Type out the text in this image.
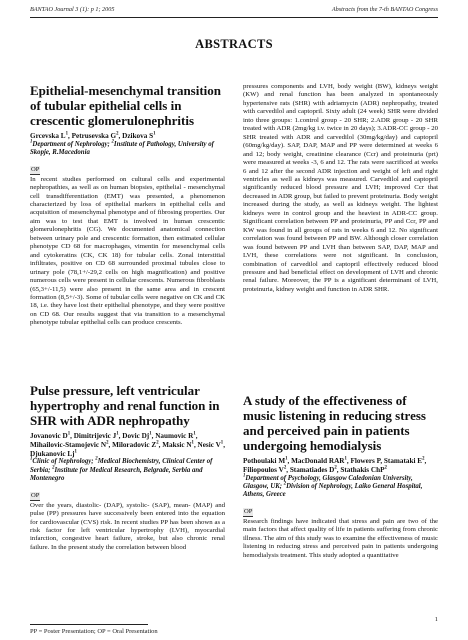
BANTAO Journal 3 (1): p 1; 2005	Abstracts from the 7-th BANTAO Congress
ABSTRACTS
Epithelial-mesenchymal transition of tubular epithelial cells in crescentic glomerulonephritis
Grcevska $L^1$, Petrusevska $G^2$, Dzikova $S^1$
$^1$Department of Nephrology; $^2$Institute of Pathology, University of Skopje, R.Macedonia
OP
In recent studies performed on cultural cells and experimental nephropathies, as well as on human biopsies, epithelial - mesenchymal cell transdifferentiation (EMT) was presented, a phenomenon characterized by loss of epithelial markers in epithelial cells and acquisition of mesenchymal phenotype and of fibrosing properties. Our aim was to test that EMT is involved in human crescentic glomerulonephritis (CG). We documented anatomical connection between urinary pole and crescentic formation, then estimated cellular phenotype CD 68 for macrophages, vimentin for mesenchymal cells and cytokeratins (CK, CK 18) for tubular cells. Zonal interstitial infiltrates, positive on CD 68 surrounded proximal tubules close to urinary pole (78,1+/-29,2 cells on high magnification) and positive numerous cells were present in cellular crescents. Numerous fibroblasts (65,3+/-11,5) were also present in the same area and in crescent formation (8,5+/-3). Some of tubular cells were negative on CK and CK 18, i.e. they have lost their epithelial phenotype, and they were positive on CD 68. Our results suggest that via transition to a mesenchymal phenotype tubular epithelial cells can produce crescents.
Pulse pressure, left ventricular hypertrophy and renal function in SHR with ADR nephropathy
Jovanovic $D^1$, Dimitrijevic $J^1$, Dovic Dj$^1$, Naumovic $R^1$, Mihailovic-Stamojevic $N^2$, Miloradovic $Z^2$, Maksic $N^1$, Nesic $V^1$, Djukanovic Lj$^1$
$^1$Clinic of Nephrology; $^2$Medical Biochemistry, Clinical Center of Serbia; $^2$Institute for Medical Research, Belgrade, Serbia and Montenegro
OP
Over the years, diastolic- (DAP), systolic- (SAP), mean- (MAP) and pulse (PP) pressures have successively been entered into the equation for cardiovascular (CVS) risk. In recent studies PP has been shown as a risk factor for left ventricular hypertrophy (LVH), myocardial infarction, congestive heart failure, stroke, but also chronic renal failure. In the present study the correlation between blood
pressures components and LVH, body weight (BW), kidneys weight (KW) and renal function has been analyzed in spontaneously hypertensive rats (SHR) with adriamycin (ADR) nephropathy, treated with carvedilol and captopril. Sixty adult (24 week) SHR were divided into three groups: 1.control group - 20 SHR; 2.ADR group - 20 SHR treated with ADR (2mg/kg i.v. twice in 20 days); 3.ADR-CC group - 20 SHR treated with ADR and carvedilol (30mg/kg/day) and captopril (60mg/kg/day). SAP, DAP, MAP and PP were determined at weeks 6 and 12; body weight, creatinine clearance (Ccr) and proteinuria (prt) were measured at weeks -3, 6 and 12. The rats were sacrificed at weeks 6 and 12 after the second ADR injection and weight of left and right ventricles as well as kidneys was measured. Carvedilol and captopril significantly reduced blood pressure and LVH; improved Ccr that decreased in ADR group, but failed to prevent proteinuria. Body weight increased during the study, as well as kidneys weight. The lightest kidneys were in control group and the heaviest in ADR-CC group. Significant correlation between PP and proteinuria, PP and Ccr, PP and KW was found in all groups of rats in weeks 6 and 12. No significant correlation was found between PP and BW. Although closer correlation was found between PP and LVH than between SAP, DAP, MAP and LVH, these correlations were not significant. In conclusion, combination of carvedilol and captopril effectively reduced blood pressure and had beneficial effect on development of LVH and chronic renal failure. Moreover, the PP is a significant determinant of LVH, proteinuria, kidney weight and function in ADR SHR.
A study of the effectiveness of music listening in reducing stress and perceived pain in patients undergoing hemodialysis
Pothoulaki $M^1$, MacDonald RAR$^1$, Flowers P, Stamataki $E^2$, Filiopoulos $V^2$, Stamatiades $D^2$, Stathakis ChP$^2$
$^1$Department of Psychology, Glasgow Caledonian University, Glasgow, UK; $^2$Division of Nephrology, Laiko General Hospital, Athens, Greece
OP
Research findings have indicated that stress and pain are two of the main factors that affect quality of life in patients suffering from chronic illness. The aim of this study was to examine the effectiveness of music listening in reducing stress and perceived pain in patients undergoing hemodialysis treatment. This study adopted a quantitative
1
PP = Poster Presentation; OP = Oral Presentation
